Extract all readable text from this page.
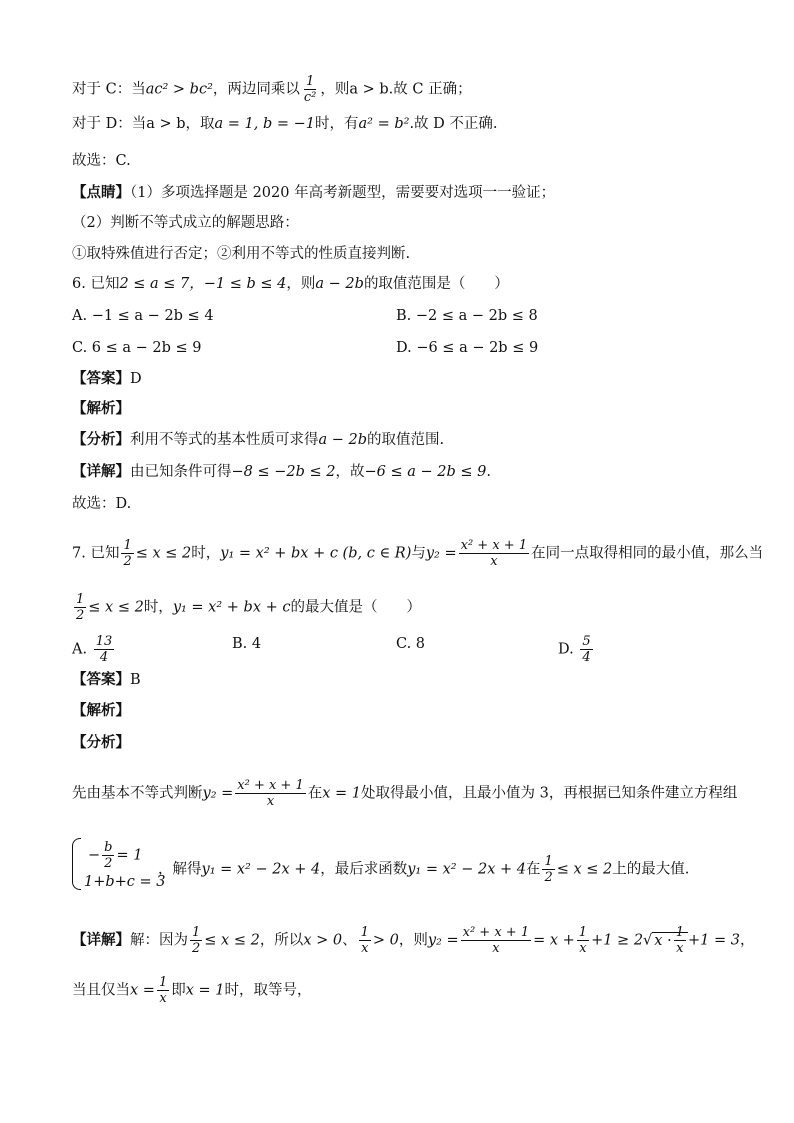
对于 C：当ac² > bc²，两边同乘以 $\frac{1}{\text{c²}}$ ，则a > b.故 C 正确；
对于 D：当a > b，取a = 1, b = −1时，有a² = b².故 D 不正确.
故选：C.
【点睛】（1）多项选择题是 2020 年高考新题型，需要要对选项一一验证；
（2）判断不等式成立的解题思路：
①取特殊值进行否定；②利用不等式的性质直接判断.
6. 已知2 ≤ a ≤ 7，−1 ≤ b ≤ 4，则a − 2b的取值范围是（　　）
A. −1 ≤ a − 2b ≤ 4	B. −2 ≤ a − 2b ≤ 8
C. 6 ≤ a − 2b ≤ 9	D. −6 ≤ a − 2b ≤ 9
【答案】D
【解析】
【分析】利用不等式的基本性质可求得a − 2b的取值范围.
【详解】由已知条件可得−8 ≤ −2b ≤ 2，故−6 ≤ a − 2b ≤ 9.
故选：D.
7. 已知 $\frac{1}{2} \le x \le 2$时，y₁ = x² + bx + c (b, c ∈ R)与$y_2 = \frac{\text{x² + x + 1}}{x}$ 在同一点取得相同的最小值，那么当
$\frac{1}{2} \le x \le 2$时，y₁ = x² + bx + c的最大值是（　　）
A. $\frac{13}{4}$	B. 4	C. 8	D. $\frac{5}{4}$
【答案】B
【解析】
【分析】
先由基本不等式判断$y_2 = \frac{\text{x² + x + 1}}{x}$ 在x = 1处取得最小值，且最小值为 3，再根据已知条件建立方程组
− $\frac{b}{2} = 1$
1+b+c = 3
，解得y₁ = x² − 2x + 4，最后求函数y₁ = x² − 2x + 4在 $\frac{1}{2} \le x \le 2$上的最大值.
【详解】解：因为 $\frac{1}{2} \le x \le 2$，所以x > 0、 $\frac{1}{x} > 0$，则$y_2 = \frac{\text{x² + x + 1}}{x} = x + \frac{1}{x} +1 \ge 2√$ $x \cdot \frac{1}{x} +1 = 3$，
当且仅当$x = \frac{1}{x}$ 即x = 1时，取等号，
